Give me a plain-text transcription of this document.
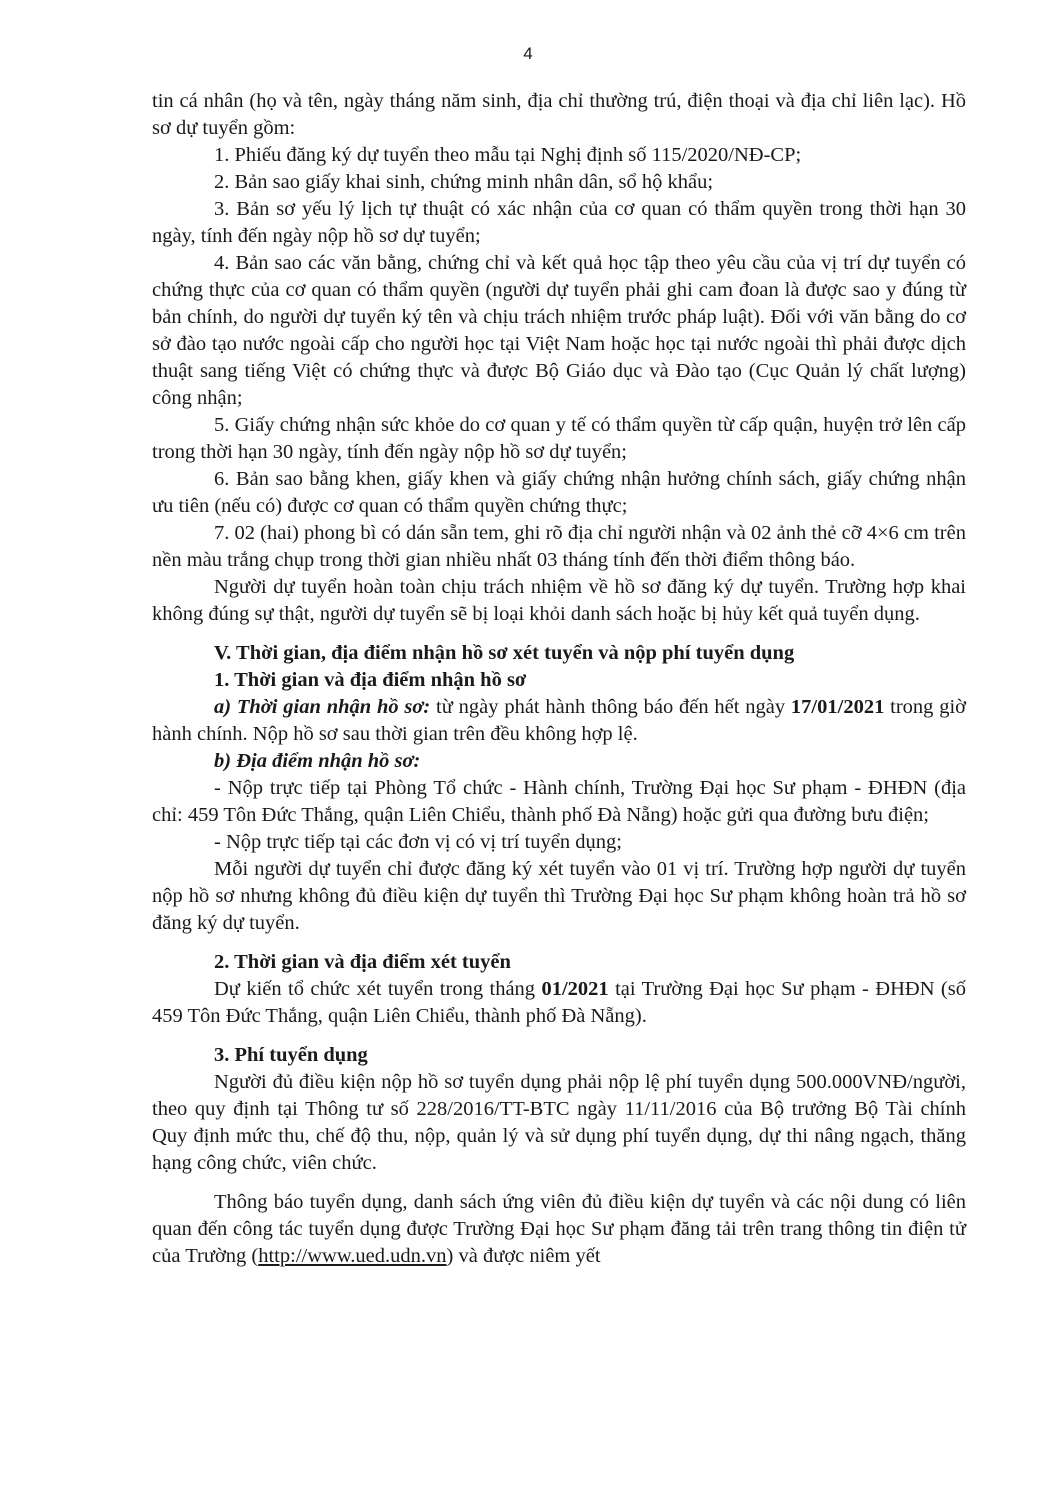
4

tin cá nhân (họ và tên, ngày tháng năm sinh, địa chỉ thường trú, điện thoại và địa chỉ liên lạc). Hồ sơ dự tuyển gồm:

1. Phiếu đăng ký dự tuyển theo mẫu tại Nghị định số 115/2020/NĐ-CP;

2. Bản sao giấy khai sinh, chứng minh nhân dân, sổ hộ khẩu;

3. Bản sơ yếu lý lịch tự thuật có xác nhận của cơ quan có thẩm quyền trong thời hạn 30 ngày, tính đến ngày nộp hồ sơ dự tuyển;

4. Bản sao các văn bằng, chứng chỉ và kết quả học tập theo yêu cầu của vị trí dự tuyển có chứng thực của cơ quan có thẩm quyền (người dự tuyển phải ghi cam đoan là được sao y đúng từ bản chính, do người dự tuyển ký tên và chịu trách nhiệm trước pháp luật). Đối với văn bằng do cơ sở đào tạo nước ngoài cấp cho người học tại Việt Nam hoặc học tại nước ngoài thì phải được dịch thuật sang tiếng Việt có chứng thực và được Bộ Giáo dục và Đào tạo (Cục Quản lý chất lượng) công nhận;

5. Giấy chứng nhận sức khỏe do cơ quan y tế có thẩm quyền từ cấp quận, huyện trở lên cấp trong thời hạn 30 ngày, tính đến ngày nộp hồ sơ dự tuyển;

6. Bản sao bằng khen, giấy khen và giấy chứng nhận hưởng chính sách, giấy chứng nhận ưu tiên (nếu có) được cơ quan có thẩm quyền chứng thực;

7. 02 (hai) phong bì có dán sẵn tem, ghi rõ địa chỉ người nhận và 02 ảnh thẻ cỡ 4×6 cm trên nền màu trắng chụp trong thời gian nhiều nhất 03 tháng tính đến thời điểm thông báo.

Người dự tuyển hoàn toàn chịu trách nhiệm về hồ sơ đăng ký dự tuyển. Trường hợp khai không đúng sự thật, người dự tuyển sẽ bị loại khỏi danh sách hoặc bị hủy kết quả tuyển dụng.

V. Thời gian, địa điểm nhận hồ sơ xét tuyển và nộp phí tuyển dụng

1. Thời gian và địa điểm nhận hồ sơ

a) Thời gian nhận hồ sơ: từ ngày phát hành thông báo đến hết ngày 17/01/2021 trong giờ hành chính. Nộp hồ sơ sau thời gian trên đều không hợp lệ.

b) Địa điểm nhận hồ sơ:

- Nộp trực tiếp tại Phòng Tổ chức - Hành chính, Trường Đại học Sư phạm - ĐHĐN (địa chỉ: 459 Tôn Đức Thắng, quận Liên Chiểu, thành phố Đà Nẵng) hoặc gửi qua đường bưu điện;

- Nộp trực tiếp tại các đơn vị có vị trí tuyển dụng;

Mỗi người dự tuyển chỉ được đăng ký xét tuyển vào 01 vị trí. Trường hợp người dự tuyển nộp hồ sơ nhưng không đủ điều kiện dự tuyển thì Trường Đại học Sư phạm không hoàn trả hồ sơ đăng ký dự tuyển.

2. Thời gian và địa điểm xét tuyển

Dự kiến tổ chức xét tuyển trong tháng 01/2021 tại Trường Đại học Sư phạm - ĐHĐN (số 459 Tôn Đức Thắng, quận Liên Chiểu, thành phố Đà Nẵng).

3. Phí tuyển dụng

Người đủ điều kiện nộp hồ sơ tuyển dụng phải nộp lệ phí tuyển dụng 500.000VNĐ/người, theo quy định tại Thông tư số 228/2016/TT-BTC ngày 11/11/2016 của Bộ trưởng Bộ Tài chính Quy định mức thu, chế độ thu, nộp, quản lý và sử dụng phí tuyển dụng, dự thi nâng ngạch, thăng hạng công chức, viên chức.

Thông báo tuyển dụng, danh sách ứng viên đủ điều kiện dự tuyển và các nội dung có liên quan đến công tác tuyển dụng được Trường Đại học Sư phạm đăng tải trên trang thông tin điện tử của Trường (http://www.ued.udn.vn) và được niêm yết
